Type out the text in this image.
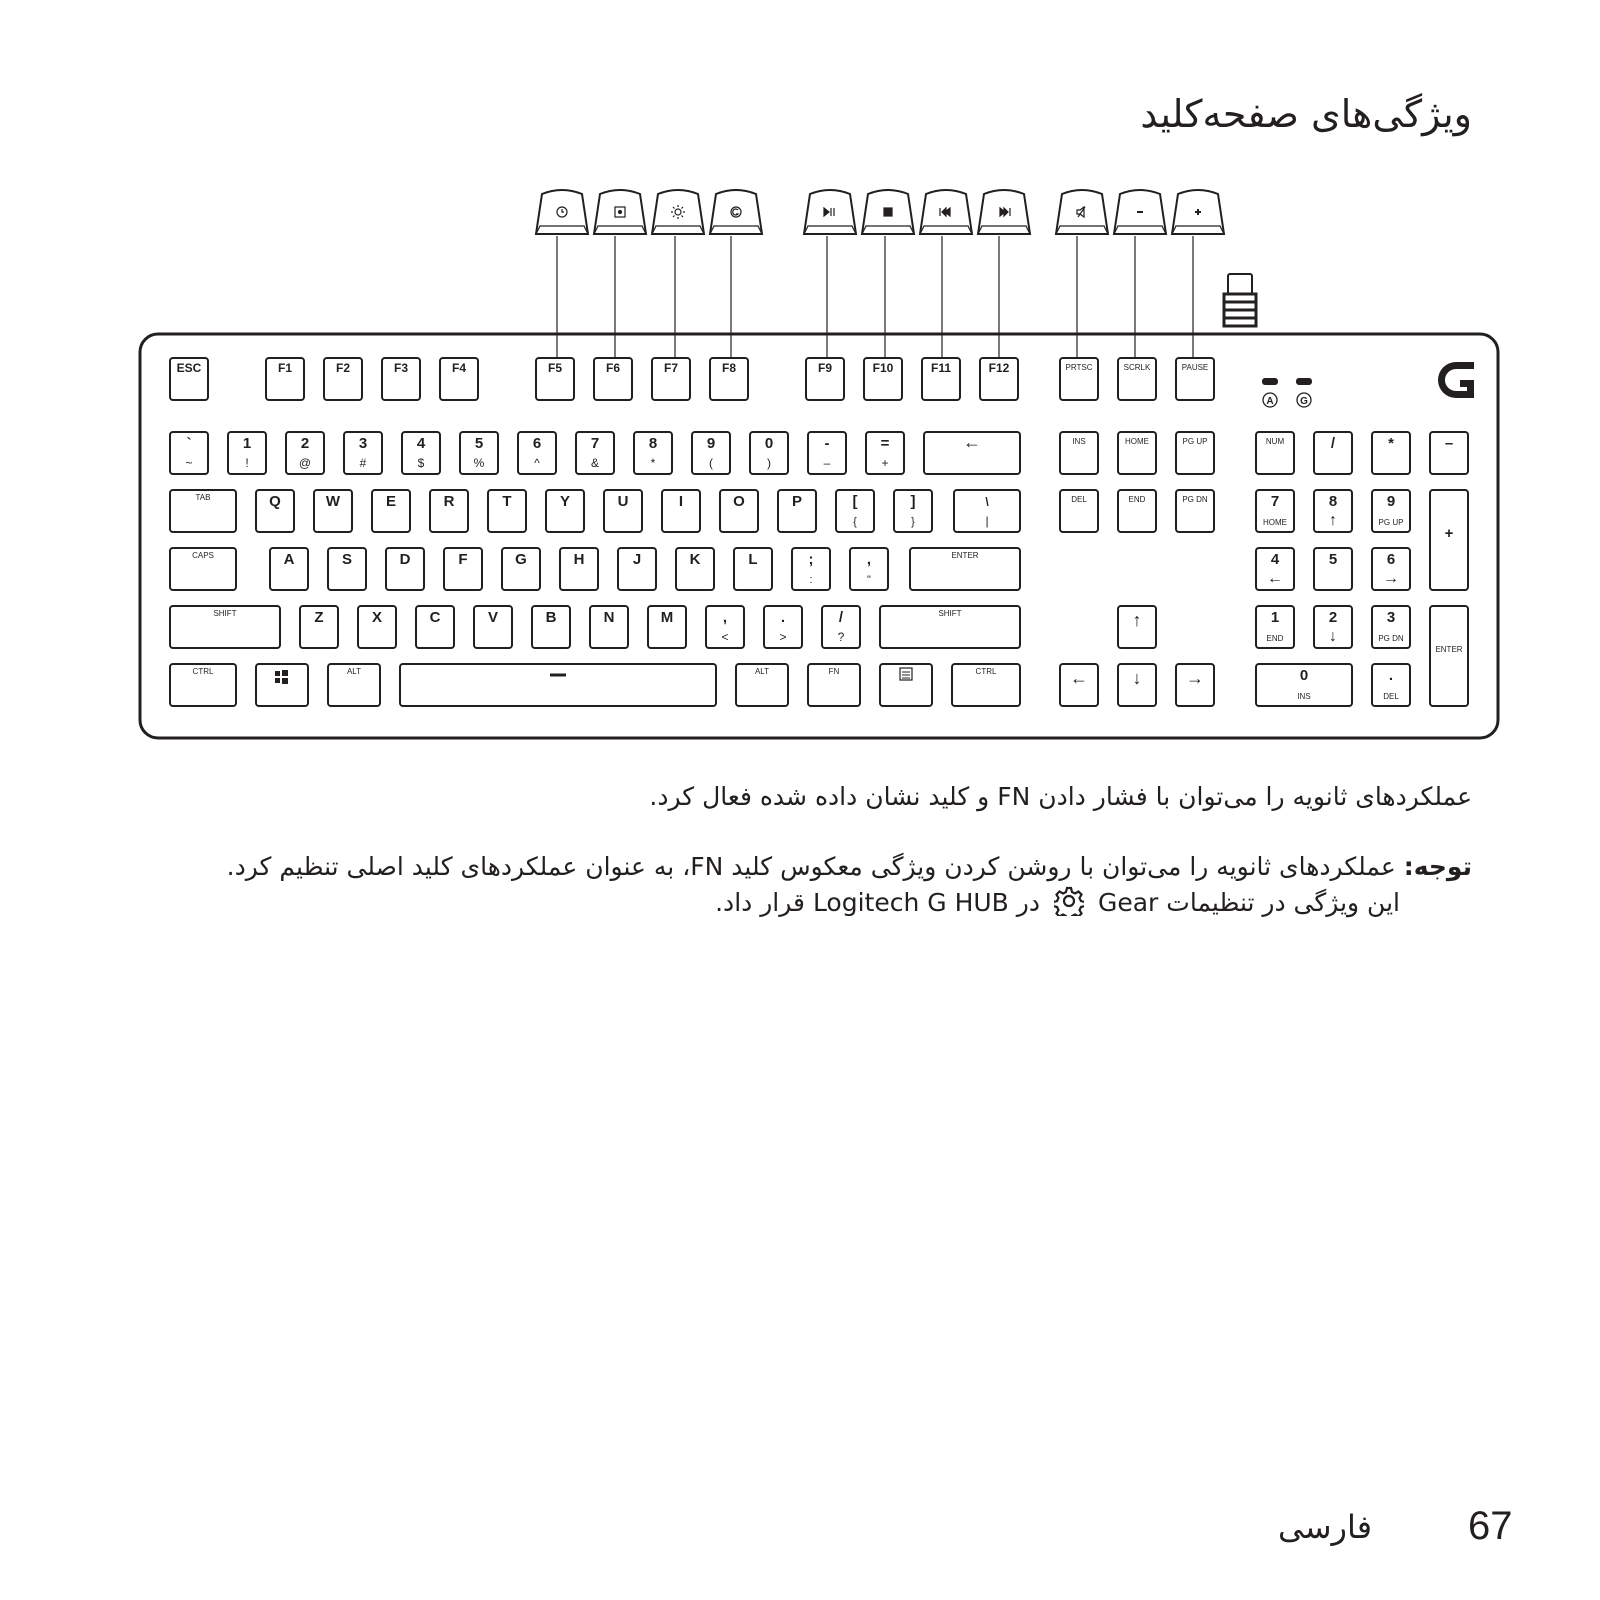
ویژگی‌های صفحه‌کلید
ESC	F1	F2	F3	F4	F5	F6	F7	F8	F9	F10	F11	F12	PRTSC	SCRLK	PAUSE
A	G
`
~
1
!
2
@
3
#
4
$
5
%
6
^
7
&
8
*
9
(
0
)
-
–
=
+
←
TAB	Q	W	E	R	T	Y	U	I	O	P	[
{
]
}
\
|
CAPS	A	S	D	F	G	H	J	K	L	;
:
,
"
ENTER
SHIFT	Z	X	C	V	B	N	M	,
<
.
>
/
?
SHIFT
CTRL	ALT	ALT	FN	CTRL
INS	HOME	PG UP
DEL	END	PG DN
↑
← ↓ →
NUM	/	*	–
+
ENTER
7
HOME
8
↑
9
PG UP
4
←
5	6
→
1
END
2
↓
3
PG DN
0
INS
.
DEL
عملکردهای ثانویه را می‌توان با فشار دادن FN و کلید نشان داده شده فعال کرد.
توجه: عملکردهای ثانویه را می‌توان با روشن کردن ویژگی معکوس کلید FN، به عنوان عملکردهای کلید اصلی تنظیم کرد.
این ویژگی در تنظیمات Gearدر Logitech G HUB قرار داد.
67
فارسی
